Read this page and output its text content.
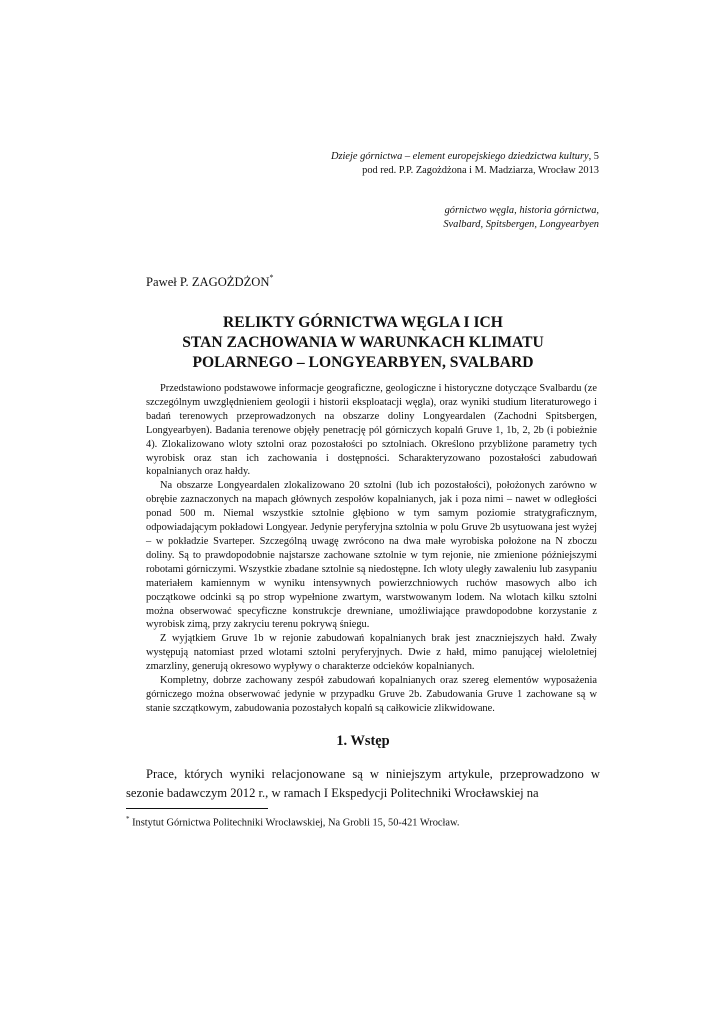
Dzieje górnictwa – element europejskiego dziedzictwa kultury, 5
pod red. P.P. Zagożdżona i M. Madziarza, Wrocław 2013
górnictwo węgla, historia górnictwa,
Svalbard, Spitsbergen, Longyearbyen
Paweł P. ZAGOŻDŻON*
RELIKTY GÓRNICTWA WĘGLA I ICH
STAN ZACHOWANIA W WARUNKACH KLIMATU
POLARNEGO – LONGYEARBYEN, SVALBARD

Przedstawiono podstawowe informacje geograficzne, geologiczne i historyczne dotyczące Svalbardu (ze szczególnym uwzględnieniem geologii i historii eksploatacji węgla), oraz wyniki studium literaturowego i badań terenowych przeprowadzonych na obszarze doliny Longyeardalen (Zachodni Spitsbergen, Longyearbyen). Badania terenowe objęły penetrację pól górniczych kopalń Gruve 1, 1b, 2, 2b (i pobieżnie 4). Zlokalizowano wloty sztolni oraz pozostałości po sztolniach. Określono przybliżone parametry tych wyrobisk oraz stan ich zachowania i dostępności. Scharakteryzowano pozostałości zabudowań kopalnianych oraz hałdy.

Na obszarze Longyeardalen zlokalizowano 20 sztolni (lub ich pozostałości), położonych zarówno w obrębie zaznaczonych na mapach głównych zespołów kopalnianych, jak i poza nimi – nawet w odległości ponad 500 m. Niemal wszystkie sztolnie głębiono w tym samym poziomie stratygraficznym, odpowiadającym pokładowi Longyear. Jedynie peryferyjna sztolnia w polu Gruve 2b usytuowana jest wyżej – w pokładzie Svarteper. Szczególną uwagę zwrócono na dwa małe wyrobiska położone na N zboczu doliny. Są to prawdopodobnie najstarsze zachowane sztolnie w tym rejonie, nie zmienione późniejszymi robotami górniczymi. Wszystkie zbadane sztolnie są niedostępne. Ich wloty uległy zawaleniu lub zasypaniu materiałem kamiennym w wyniku intensywnych powierzchniowych ruchów masowych albo ich początkowe odcinki są po strop wypełnione zwartym, warstwowanym lodem. Na wlotach kilku sztolni można obserwować specyficzne konstrukcje drewniane, umożliwiające prawdopodobne korzystanie z wyrobisk zimą, przy zakryciu terenu pokrywą śniegu.

Z wyjątkiem Gruve 1b w rejonie zabudowań kopalnianych brak jest znaczniejszych hałd. Zwały występują natomiast przed wlotami sztolni peryferyjnych. Dwie z hałd, mimo panującej wieloletniej zmarzliny, generują okresowo wypływy o charakterze odcieków kopalnianych.

Kompletny, dobrze zachowany zespół zabudowań kopalnianych oraz szereg elementów wyposażenia górniczego można obserwować jedynie w przypadku Gruve 2b. Zabudowania Gruve 1 zachowane są w stanie szczątkowym, zabudowania pozostałych kopalń są całkowicie zlikwidowane.

1. Wstęp

Prace, których wyniki relacjonowane są w niniejszym artykule, przeprowadzono w sezonie badawczym 2012 r., w ramach I Ekspedycji Politechniki Wrocławskiej na

* Instytut Górnictwa Politechniki Wrocławskiej, Na Grobli 15, 50-421 Wrocław.
